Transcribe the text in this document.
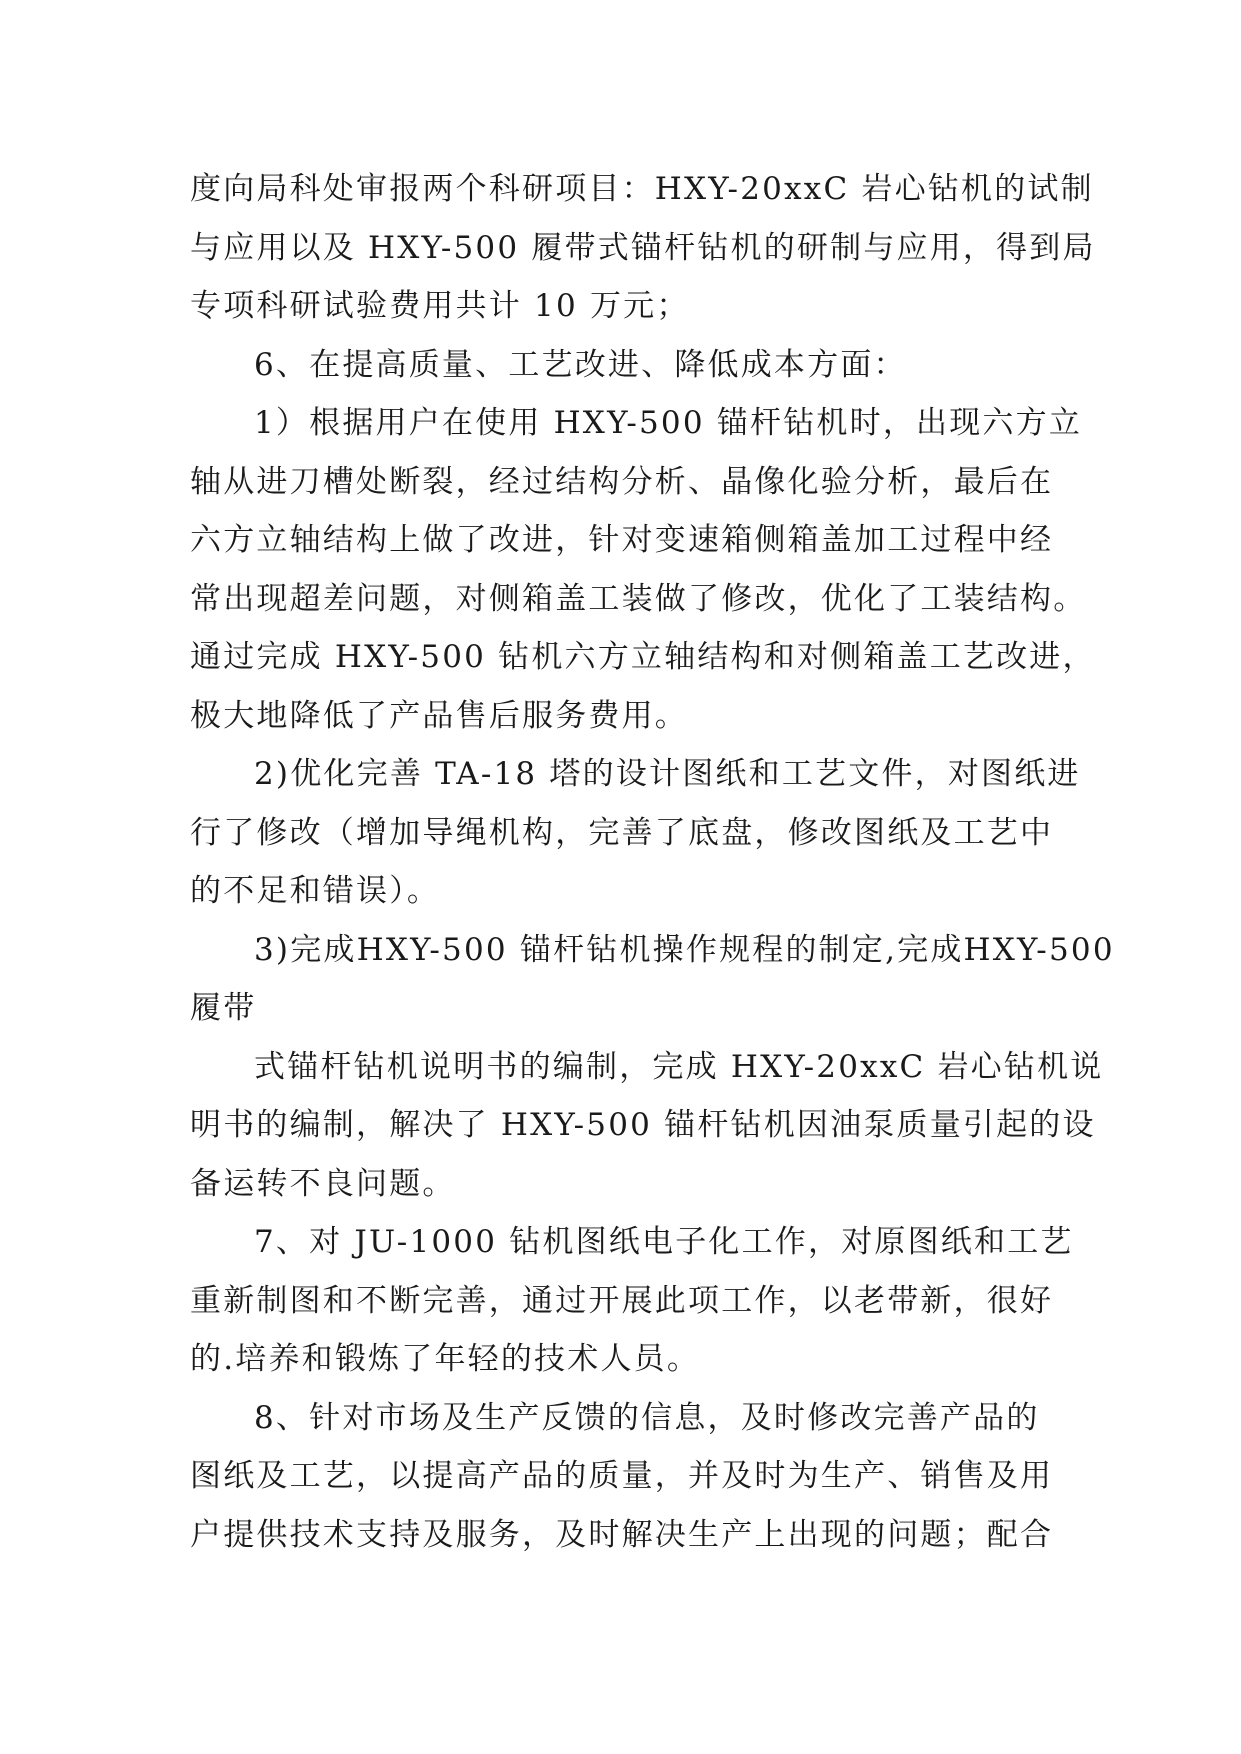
度向局科处审报两个科研项目：HXY-20xxC 岩心钻机的试制
与应用以及 HXY-500 履带式锚杆钻机的研制与应用，得到局
专项科研试验费用共计 10 万元；
6、在提高质量、工艺改进、降低成本方面：
1）根据用户在使用 HXY-500 锚杆钻机时，出现六方立
轴从进刀槽处断裂，经过结构分析、晶像化验分析，最后在
六方立轴结构上做了改进，针对变速箱侧箱盖加工过程中经
常出现超差问题，对侧箱盖工装做了修改，优化了工装结构。
通过完成 HXY-500 钻机六方立轴结构和对侧箱盖工艺改进，
极大地降低了产品售后服务费用。
2)优化完善 TA-18 塔的设计图纸和工艺文件，对图纸进
行了修改（增加导绳机构，完善了底盘，修改图纸及工艺中
的不足和错误）。
3)完成HXY-500 锚杆钻机操作规程的制定,完成HXY-500
履带
式锚杆钻机说明书的编制，完成 HXY-20xxC 岩心钻机说
明书的编制，解决了 HXY-500 锚杆钻机因油泵质量引起的设
备运转不良问题。
7、对 JU-1000 钻机图纸电子化工作，对原图纸和工艺
重新制图和不断完善，通过开展此项工作，以老带新，很好
的.培养和锻炼了年轻的技术人员。
8、针对市场及生产反馈的信息，及时修改完善产品的
图纸及工艺，以提高产品的质量，并及时为生产、销售及用
户提供技术支持及服务，及时解决生产上出现的问题；配合
